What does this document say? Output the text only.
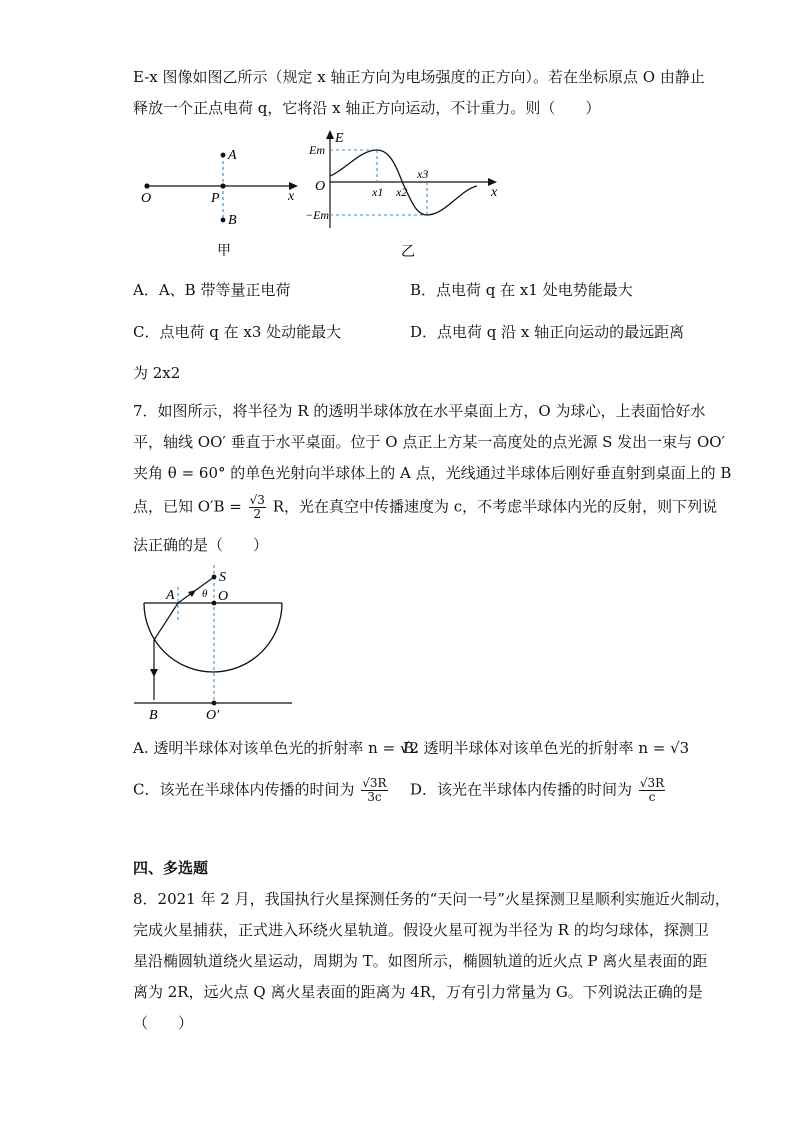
E-x 图像如图乙所示（规定 x 轴正方向为电场强度的正方向）。若在坐标原点 O 由静止
释放一个正点电荷 q，它将沿 x 轴正方向运动，不计重力。则（　　）
A
O	P
B
x
甲
E
Em
O	x1 x2
x3
x
−Em
乙
A．A、B 带等量正电荷	B．点电荷 q 在 x1 处电势能最大
C．点电荷 q 在 x3 处动能最大	D．点电荷 q 沿 x 轴正向运动的最远距离
为 2x2
7．如图所示，将半径为 R 的透明半球体放在水平桌面上方，O 为球心，上表面恰好水
平，轴线 OO′ 垂直于水平桌面。位于 O 点正上方某一高度处的点光源 S 发出一束与 OO′
夹角 θ = 60° 的单色光射向半球体上的 A 点，光线通过半球体后刚好垂直射到桌面上的 B
点，已知 $O'B = \frac{√3}{2}$ R，光在真空中传播速度为 c，不考虑半球体内光的反射，则下列说
法正确的是（　　）
S
A θ O
B	O′
A. 透明半球体对该单色光的折射率 n = √2
B. 透明半球体对该单色光的折射率 n = √3
C．该光在半球体内传播的时间为 $\frac{√3R}{3c}$ D．该光在半球体内传播的时间为 $\frac{√3R}{c}$
四、多选题
8．2021 年 2 月，我国执行火星探测任务的“天问一号”火星探测卫星顺利实施近火制动，
完成火星捕获，正式进入环绕火星轨道。假设火星可视为半径为 R 的均匀球体，探测卫
星沿椭圆轨道绕火星运动，周期为 T。如图所示，椭圆轨道的近火点 P 离火星表面的距
离为 2R，远火点 Q 离火星表面的距离为 4R，万有引力常量为 G。下列说法正确的是
（　　）
